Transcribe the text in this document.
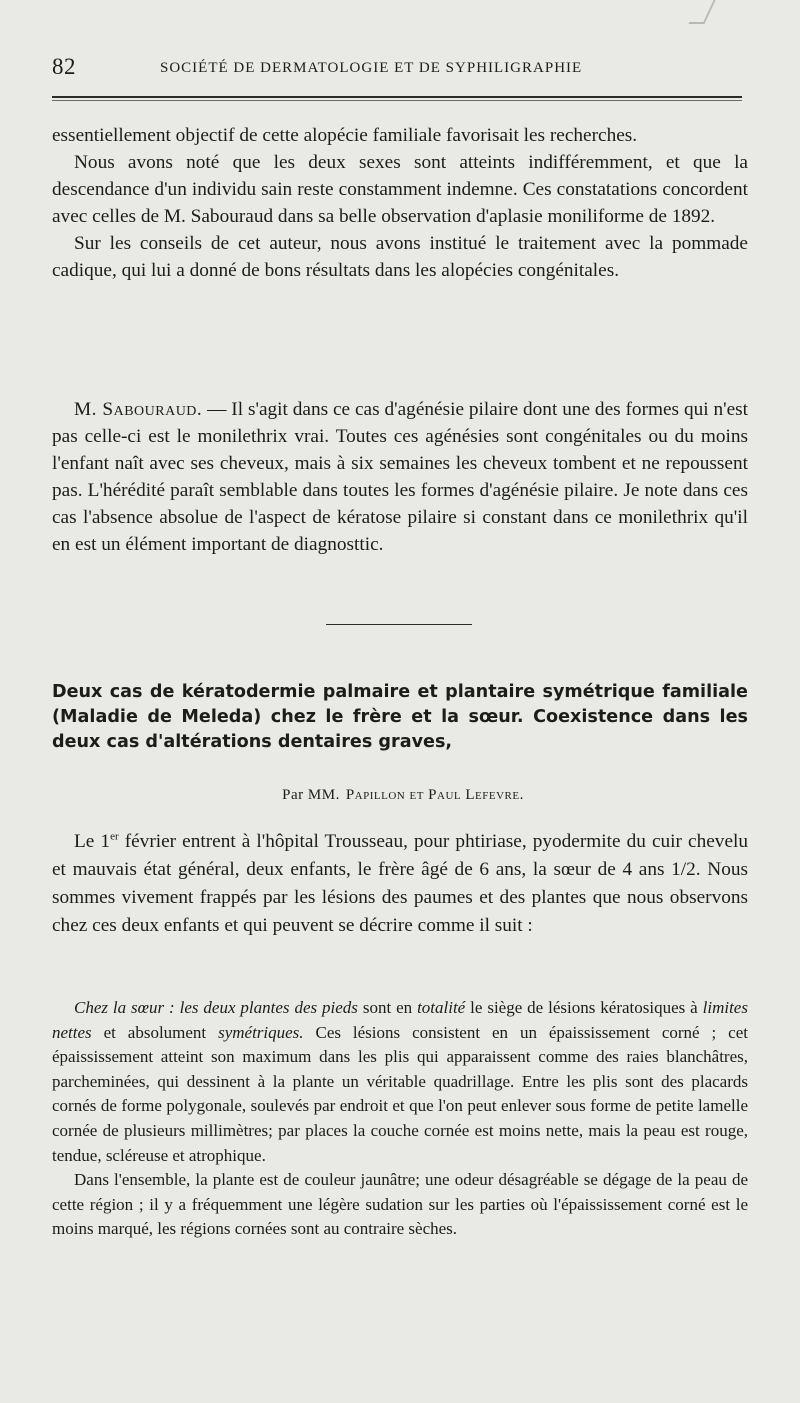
82	SOCIÉTÉ DE DERMATOLOGIE ET DE SYPHILIGRAPHIE

essentiellement objectif de cette alopécie familiale favorisait les recherches.

Nous avons noté que les deux sexes sont atteints indifféremment, et que la descendance d'un individu sain reste constamment indemne. Ces constatations concordent avec celles de M. Sabouraud dans sa belle observation d'aplasie moniliforme de 1892.

Sur les conseils de cet auteur, nous avons institué le traitement avec la pommade cadique, qui lui a donné de bons résultats dans les alopécies congénitales.

M. Sabouraud. — Il s'agit dans ce cas d'agénésie pilaire dont une des formes qui n'est pas celle-ci est le monilethrix vrai. Toutes ces agénésies sont congénitales ou du moins l'enfant naît avec ses cheveux, mais à six semaines les cheveux tombent et ne repoussent pas. L'hérédité paraît semblable dans toutes les formes d'agénésie pilaire. Je note dans ces cas l'absence absolue de l'aspect de kératose pilaire si constant dans ce monilethrix qu'il en est un élément important de diagnosttic.

Deux cas de kératodermie palmaire et plantaire symétrique familiale (Maladie de Meleda) chez le frère et la sœur. Coexistence dans les deux cas d'altérations dentaires graves,
Par MM. Papillon et Paul Lefevre.

Le 1er février entrent à l'hôpital Trousseau, pour phtiriase, pyodermite du cuir chevelu et mauvais état général, deux enfants, le frère âgé de 6 ans, la sœur de 4 ans 1/2. Nous sommes vivement frappés par les lésions des paumes et des plantes que nous observons chez ces deux enfants et qui peuvent se décrire comme il suit :

Chez la sœur : les deux plantes des pieds sont en totalité le siège de lésions kératosiques à limites nettes et absolument symétriques. Ces lésions consistent en un épaississement corné ; cet épaississement atteint son maximum dans les plis qui apparaissent comme des raies blanchâtres, parcheminées, qui dessinent à la plante un véritable quadrillage. Entre les plis sont des placards cornés de forme polygonale, soulevés par endroit et que l'on peut enlever sous forme de petite lamelle cornée de plusieurs millimètres; par places la couche cornée est moins nette, mais la peau est rouge, tendue, scléreuse et atrophique.

Dans l'ensemble, la plante est de couleur jaunâtre; une odeur désagréable se dégage de la peau de cette région ; il y a fréquemment une légère sudation sur les parties où l'épaississement corné est le moins marqué, les régions cornées sont au contraire sèches.
